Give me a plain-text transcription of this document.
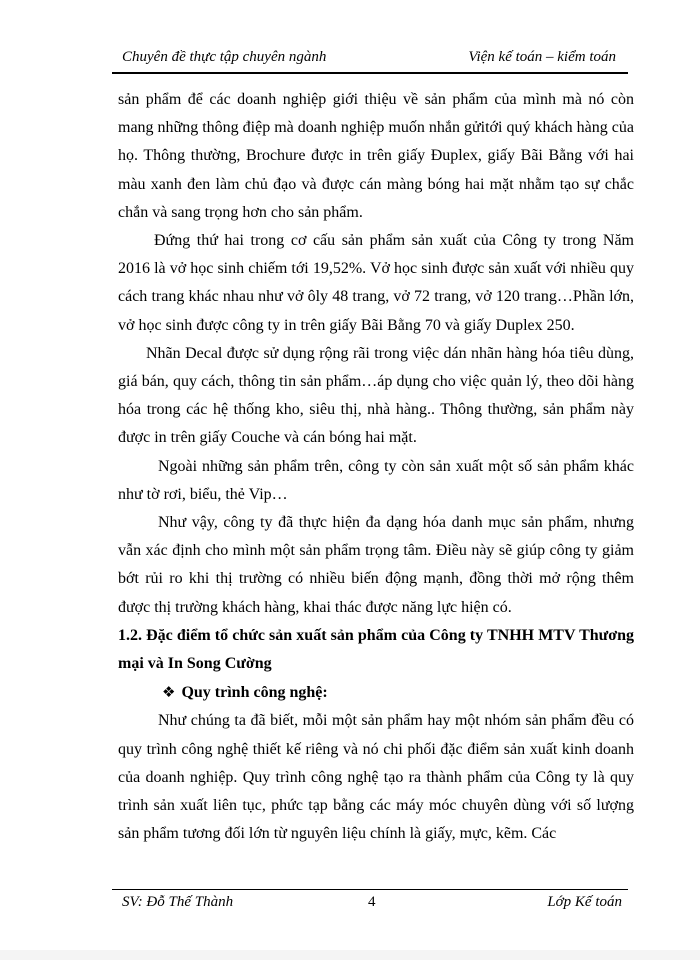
Chuyên đề thực tập chuyên ngành	Viện kế toán – kiểm toán

sản phẩm để các doanh nghiệp giới thiệu về sản phẩm của mình mà nó còn mang những thông điệp mà doanh nghiệp muốn nhắn gửitới quý khách hàng của họ. Thông thường, Brochure được in trên giấy Đuplex, giấy Bãi Bằng với hai màu xanh đen làm chủ đạo và được cán màng bóng hai mặt nhằm tạo sự chắc chắn và sang trọng hơn cho sản phẩm.

Đứng thứ hai trong cơ cấu sản phẩm sản xuất của Công ty trong Năm 2016 là vở học sinh chiếm tới 19,52%. Vở học sinh được sản xuất với nhiều quy cách trang khác nhau như vở ôly 48 trang, vở 72 trang, vở 120 trang…Phần lớn, vở học sinh được công ty in trên giấy Bãi Bằng 70 và giấy Duplex 250.

Nhãn Decal được sử dụng rộng rãi trong việc dán nhãn hàng hóa tiêu dùng, giá bán, quy cách, thông tin sản phẩm…áp dụng cho việc quản lý, theo dõi hàng hóa trong các hệ thống kho, siêu thị, nhà hàng.. Thông thường, sản phẩm này được in trên giấy Couche và cán bóng hai mặt.

Ngoài những sản phẩm trên, công ty còn sản xuất một số sản phẩm khác như tờ rơi, biểu, thẻ Vip…

Như vậy, công ty đã thực hiện đa dạng hóa danh mục sản phẩm, nhưng vẫn xác định cho mình một sản phẩm trọng tâm. Điều này sẽ giúp công ty giảm bớt rủi ro khi thị trường có nhiều biến động mạnh, đồng thời mở rộng thêm được thị trường khách hàng, khai thác được năng lực hiện có.

1.2. Đặc điểm tổ chức sản xuất sản phẩm của Công ty TNHH MTV Thương mại và In Song Cường

❖ Quy trình công nghệ:

Như chúng ta đã biết, mỗi một sản phẩm hay một nhóm sản phẩm đều có quy trình công nghệ thiết kế riêng và nó chi phối đặc điểm sản xuất kinh doanh của doanh nghiệp. Quy trình công nghệ tạo ra thành phẩm của Công ty là quy trình sản xuất liên tục, phức tạp bằng các máy móc chuyên dùng với số lượng sản phẩm tương đối lớn từ nguyên liệu chính là giấy, mực, kẽm. Các

SV: Đỗ Thế Thành	4	Lớp Kế toán
